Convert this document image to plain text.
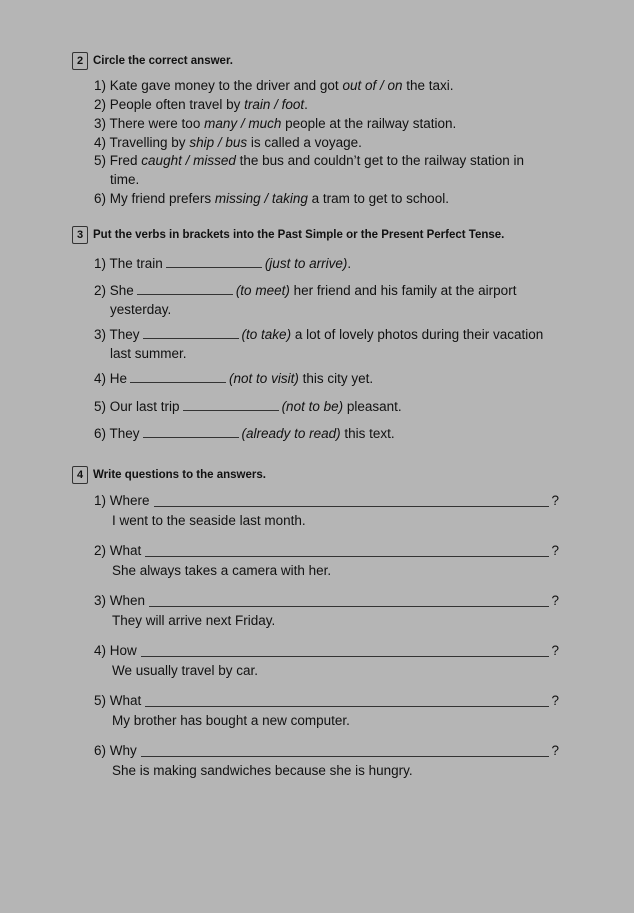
2 Circle the correct answer.
1) Kate gave money to the driver and got out of / on the taxi.
2) People often travel by train / foot.
3) There were too many / much people at the railway station.
4) Travelling by ship / bus is called a voyage.
5) Fred caught / missed the bus and couldn’t get to the railway station in
time.
6) My friend prefers missing / taking a tram to get to school.
3 Put the verbs in brackets into the Past Simple or the Present Perfect Tense.
1) The train	(just to arrive).
2) She	(to meet) her friend and his family at the airport
yesterday.
3) They	(to take) a lot of lovely photos during their vacation
last summer.
4) He	(not to visit) this city yet.
5) Our last trip	(not to be) pleasant.
6) They	(already to read) this text.
4 Write questions to the answers.
1)
Where	?
I went to the seaside last month.
2)
What	?
She always takes a camera with her.
3)
When	?
They will arrive next Friday.
4)
How	?
We usually travel by car.
5)
What	?
My brother has bought a new computer.
6)
Why	?
She is making sandwiches because she is hungry.
